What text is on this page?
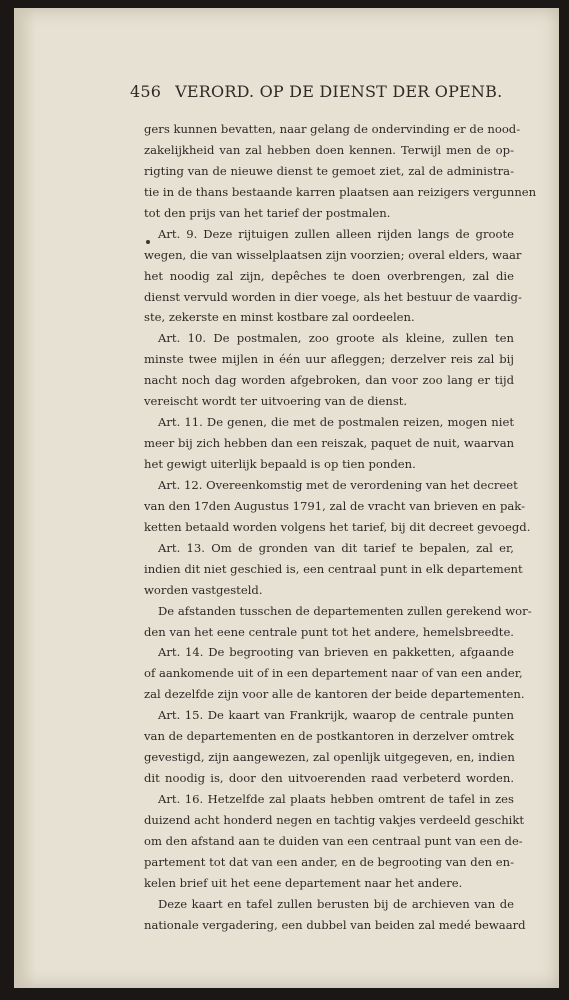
456 VERORD. OP DE DIENST DER OPENB.
gers kunnen bevatten, naar gelang de ondervinding er de nood-
zakelijkheid van zal hebben doen kennen. Terwijl men de op-
rigting van de nieuwe dienst te gemoet ziet, zal de administra-
tie in de thans bestaande karren plaatsen aan reizigers vergunnen
tot den prijs van het tarief der postmalen.
Art. 9. Deze rijtuigen zullen alleen rijden langs de groote
wegen, die van wisselplaatsen zijn voorzien; overal elders, waar
het noodig zal zijn, depêches te doen overbrengen, zal die
dienst vervuld worden in dier voege, als het bestuur de vaardig-
ste, zekerste en minst kostbare zal oordeelen.
Art. 10. De postmalen, zoo groote als kleine, zullen ten
minste twee mijlen in één uur afleggen; derzelver reis zal bij
nacht noch dag worden afgebroken, dan voor zoo lang er tijd
vereischt wordt ter uitvoering van de dienst.
Art. 11. De genen, die met de postmalen reizen, mogen niet
meer bij zich hebben dan een reiszak, paquet de nuit, waarvan
het gewigt uiterlijk bepaald is op tien ponden.
Art. 12. Overeenkomstig met de verordening van het decreet
van den 17den Augustus 1791, zal de vracht van brieven en pak-
ketten betaald worden volgens het tarief, bij dit decreet gevoegd.
Art. 13. Om de gronden van dit tarief te bepalen, zal er,
indien dit niet geschied is, een centraal punt in elk departement
worden vastgesteld.
De afstanden tusschen de departementen zullen gerekend wor-
den van het eene centrale punt tot het andere, hemelsbreedte.
Art. 14. De begrooting van brieven en pakketten, afgaande
of aankomende uit of in een departement naar of van een ander,
zal dezelfde zijn voor alle de kantoren der beide departementen.
Art. 15. De kaart van Frankrijk, waarop de centrale punten
van de departementen en de postkantoren in derzelver omtrek
gevestigd, zijn aangewezen, zal openlijk uitgegeven, en, indien
dit noodig is, door den uitvoerenden raad verbeterd worden.
Art. 16. Hetzelfde zal plaats hebben omtrent de tafel in zes
duizend acht honderd negen en tachtig vakjes verdeeld geschikt
om den afstand aan te duiden van een centraal punt van een de-
partement tot dat van een ander, en de begrooting van den en-
kelen brief uit het eene departement naar het andere.
Deze kaart en tafel zullen berusten bij de archieven van de
nationale vergadering, een dubbel van beiden zal medé bewaard
